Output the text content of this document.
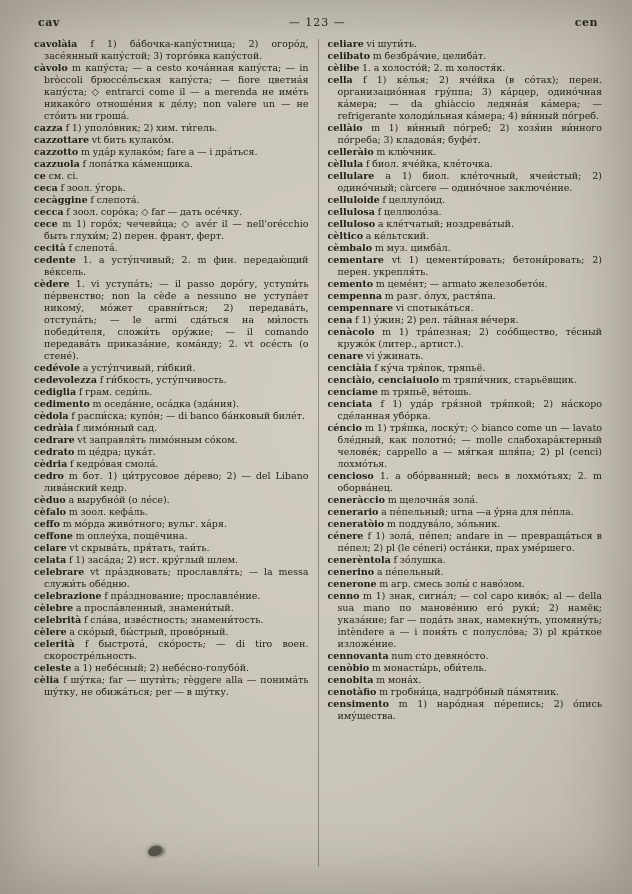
cav	— 123 —	cen

cavolàia f 1) ба́бочка-капу́стница; 2) огоро́д, засе́янный капу́стой; 3) торго́вка капу́стой.

càvolo m капу́ста; — a cesto коча́нная капу́ста; — in bròccoli брюссе́льская капу́ста; — fiore цветна́я капу́ста; ◇ entrarci come il — a merenda не име́ть никако́го отноше́ния к де́лу; non valere un — не сто́ить ни гроша́.

cazza f 1) уполо́вник; 2) хим. ти́гель.

cazzottare vt бить кулако́м.

cazzotto m уда́р кулако́м; fare a — i дра́ться.

cazzuola f лопа́тка ка́менщика.

ce см. ci.

ceca f зоол. у́горь.

cecàggine f слепота́.

cecca f зоол. соро́ка; ◇ far — дать осе́чку.

cece m 1) горо́х; чечеви́ца; ◇ avér il — nell'orécchio быть глухи́м; 2) перен. франт, ферт.

cecità f слепота́.

cedente 1. a усту́пчивый; 2. m фин. передаю́щий ве́ксель.

cèdere 1. vi уступа́ть; — il passo доро́гу, уступи́ть пе́рвенство; non la cède a nessuno не уступа́ет никому́, мо́жет сравни́ться; 2) передава́ть, отступа́ть; — le armi сда́ться на ми́лость победи́теля, сложи́ть ору́жие; — il comando передава́ть приказа́ние, кома́нду; 2. vt осе́сть (о стене́).

cedévole a усту́пчивый, ги́бкий.

cedevolezza f ги́бкость, усту́пчивость.

cediglia f грам. седи́ль.

cedimento m оседа́ние, оса́дка (зда́ния).

cèdola f распи́ска; купо́н; — di banco ба́нковый биле́т.

cedràia f лимо́нный сад.

cedrare vt заправля́ть лимо́нным со́ком.

cedrato m це́дра; цука́т.

cèdria f кедро́вая смола́.

cedro m бот. 1) ци́трусовое де́рево; 2) — del Libano лива́нский кедр.

cèduo a вырубно́й (о ле́се).

cèfalo m зоол. кефа́ль.

ceffo m мо́рда живо́тного; вульг. ха́ря.

ceffone m оплеу́ха, пощёчина.

celare vt скрыва́ть, пря́тать, таи́ть.

celata f 1) заса́да; 2) ист. кру́глый шлем.

celebrare vt пра́здновать; прославля́ть; — la messa служи́ть обе́дню.

celebrazione f пра́зднование; прославле́ние.

cèlebre a просла́вленный, знамени́тый.

celebrità f сла́ва, изве́стность; знамени́тость.

cèlere a ско́рый, бы́стрый, прово́рный.

celerità f быстрота́, ско́рость; — di tiro воен. скоростре́льность.

celeste a 1) небе́сный; 2) небе́сно-голубо́й.

cèlia f шу́тка; far — шути́ть; règgere alla — понима́ть шу́тку, не обижа́ться; per — в шу́тку.

celiare vi шути́ть.

celibato m безбра́чие, целиба́т.

cèlibe 1. a холосто́й; 2. m холостя́к.

cella f 1) ке́лья; 2) яче́йка (в со́тах); перен. организацио́нная гру́ппа; 3) ка́рцер, одино́чная ка́мера; — da ghiàccio ледяна́я ка́мера; — refrigerante холоди́льная ка́мера; 4) ви́нный по́греб.

cellàio m 1) ви́нный по́греб; 2) хозя́ин ви́нного по́греба; 3) кладова́я; буфе́т.

celleràio m клю́чник.

cèllula f биол. яче́йка, кле́точка.

cellulare a 1) биол. кле́точный, ячеи́стый; 2) одино́чный; càrcere — одино́чное заключе́ние.

celluloide f целлуло́ид.

cellulosa f целлюло́за.

celluloso a кле́тчатый; ноздрева́тый.

cèltico a ке́льтский.

cèmbalo m муз. цимба́л.

cementare vt 1) цементи́ровать; бетони́ровать; 2) перен. укрепля́ть.

cemento m цеме́нт; — armato железобето́н.

cempenna m разг. о́лух, растя́па.

cempennare vi спотыка́ться.

cena f 1) у́жин; 2) рел. та́йная ве́черя.

cenàcolo m 1) тра́пезная; 2) соо́бщество, те́сный кружо́к (литер., артист.).

cenare vi у́жинать.

cenciàia f ку́ча тря́пок, тряпьё.

cenciàio, cenciaiuolo m тряпи́чник, старьёвщик.

cenciame m тряпьё, ве́тошь.

cenciata f 1) уда́р гря́зной тря́пкой; 2) на́скоро сде́ланная убо́рка.

céncio m 1) тря́пка, лоску́т; ◇ bianco come un — lavato бле́дный, как полотно́; — molle слабохара́ктерный челове́к; cappello a — мя́гкая шля́па; 2) pl (cenci) лохмо́тья.

cencioso 1. a обо́рванный; весь в лохмо́тьях; 2. m оборва́нец.

ceneràccio m щелочна́я зола́.

cenerario a пе́пельный; urna —a у́рна для пе́пла.

ceneratòio m поддува́ло, зо́льник.

cénere f 1) зола́, пе́пел; andare in — превраща́ться в пе́пел; 2) pl (le céneri) оста́нки, прах уме́ршего.

cenerèntola f зо́лушка.

cenerino a пе́пельный.

cenerone m агр. смесь золы́ с наво́зом.

cenno m 1) знак, сигна́л; — col capo киво́к; al — della sua mano по манове́нию его́ руки́; 2) намёк; указа́ние; far — пода́ть знак, намекну́ть, упомяну́ть; intèndere a — i поня́ть с полусло́ва; 3) pl кра́ткое изложе́ние.

cennovanta num сто девяно́сто.

cenòbio m монасты́рь, оби́тель.

cenobita m мона́х.

cenotàfio m гробни́ца, надгро́бный па́мятник.

censimento m 1) наро́дная пе́репись; 2) о́пись иму́щества.
